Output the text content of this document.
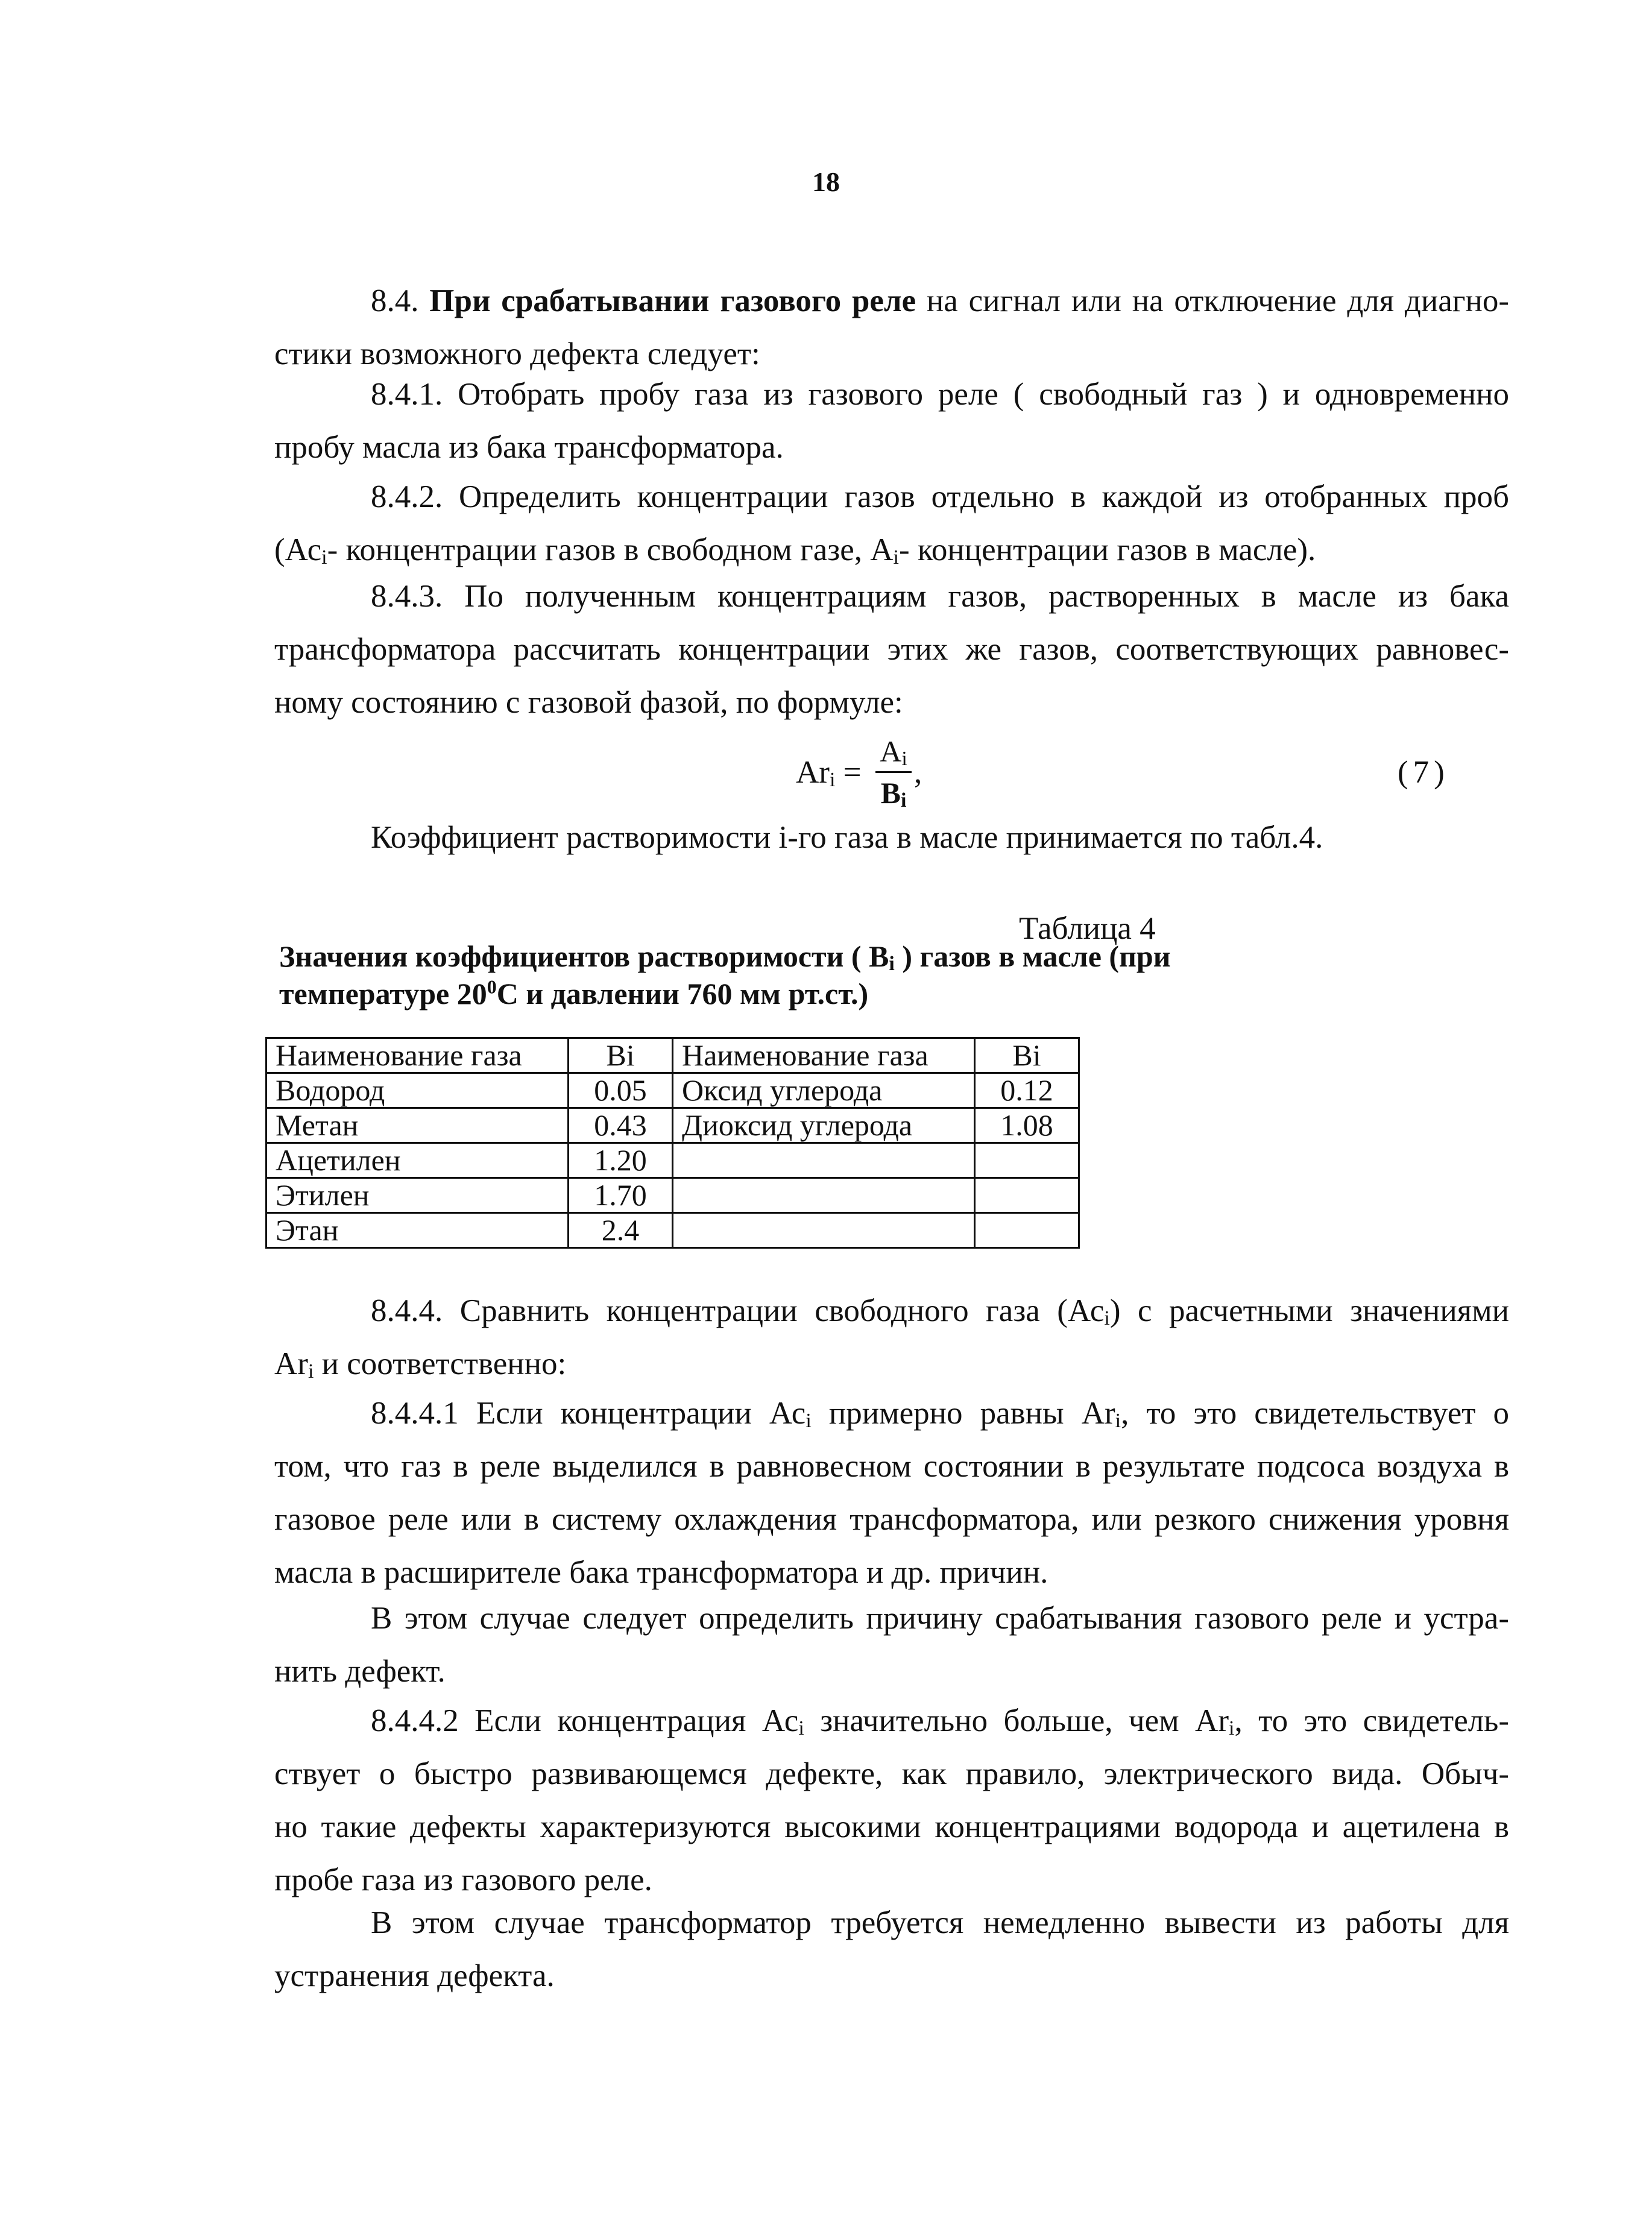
18

8.4. При срабатывании газового реле на сигнал или на отключение для диагно-
стики возможного дефекта следует:

8.4.1. Отобрать пробу газа из газового реле ( свободный газ ) и одновременно
пробу масла из бака трансформатора.

8.4.2. Определить концентрации газов отдельно в каждой из отобранных проб
($Ас_i-$ концентрации газов в свободном газе, $А_i-$ концентрации газов в масле).

8.4.3. По полученным концентрациям газов, растворенных в масле из бака
трансформатора рассчитать концентрации этих же газов, соответствующих равновес-
ному состоянию с газовой фазой, по формуле:

$Ar_i$ =
$A_i$
$B_i$
,	(7)

Коэффициент растворимости i-го газа в масле принимается по табл.4.

Таблица 4
Значения коэффициентов растворимости ( $В_i$ ) газов в масле (при
температуре $20^0С$ и давлении 760 мм рт.ст.)
Наименование газа	Bi	Наименование газа	Bi
Водород	0.05	Оксид углерода	0.12
Метан	0.43	Диоксид углерода	1.08
Ацетилен	1.20		
Этилен	1.70		
Этан	2.4		

8.4.4. Сравнить концентрации свободного газа $(Ас_i)$ с расчетными значениями
$Ar_i$ и соответственно:

8.4.4.1 Если концентрации $Ас_i$ примерно равны $Ar_i$, то это свидетельствует о
том, что газ в реле выделился в равновесном состоянии в результате подсоса воздуха в
газовое реле или в систему охлаждения трансформатора, или резкого снижения уровня
масла в расширителе бака трансформатора и др. причин.

В этом случае следует определить причину срабатывания газового реле и устра-
нить дефект.

8.4.4.2 Если концентрация $Ас_i$ значительно больше, чем $Ar_i$, то это свидетель-
ствует о быстро развивающемся дефекте, как правило, электрического вида. Обыч-
но такие дефекты характеризуются высокими концентрациями водорода и ацетилена в
пробе газа из газового реле.

В этом случае трансформатор требуется немедленно вывести из работы для
устранения дефекта.
